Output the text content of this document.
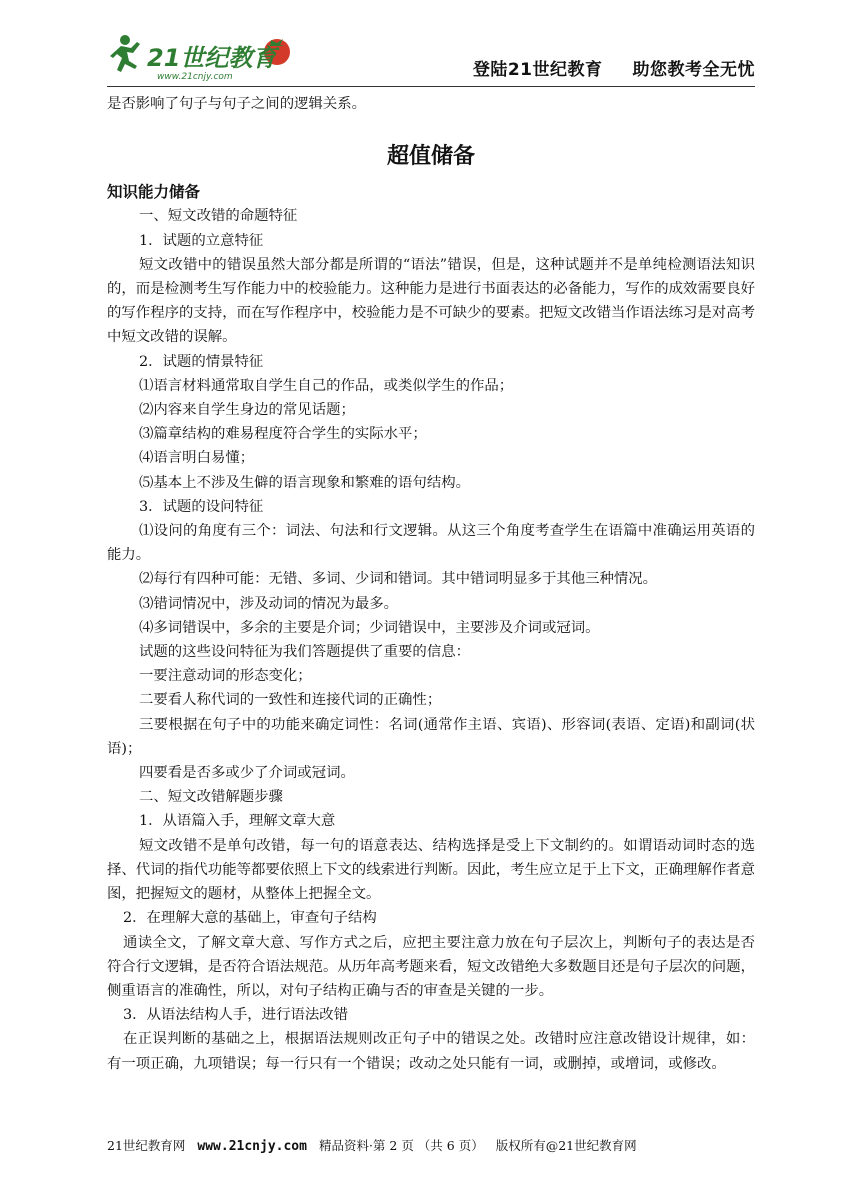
21世纪教育
www.21cnjy.com	登陆21世纪教育 助您教考全无忧

是否影响了句子与句子之间的逻辑关系。

超值储备

知识能力储备

一、短文改错的命题特征

1．试题的立意特征

短文改错中的错误虽然大部分都是所谓的“语法”错误，但是，这种试题并不是单纯检测语法知识的，而是检测考生写作能力中的校验能力。这种能力是进行书面表达的必备能力，写作的成效需要良好的写作程序的支持，而在写作程序中，校验能力是不可缺少的要素。把短文改错当作语法练习是对高考中短文改错的误解。

2．试题的情景特征

⑴语言材料通常取自学生自己的作品，或类似学生的作品；

⑵内容来自学生身边的常见话题；

⑶篇章结构的难易程度符合学生的实际水平；

⑷语言明白易懂；

⑸基本上不涉及生僻的语言现象和繁难的语句结构。

3．试题的设问特征

⑴设问的角度有三个：词法、句法和行文逻辑。从这三个角度考查学生在语篇中准确运用英语的能力。

⑵每行有四种可能：无错、多词、少词和错词。其中错词明显多于其他三种情况。

⑶错词情况中，涉及动词的情况为最多。

⑷多词错误中，多余的主要是介词；少词错误中，主要涉及介词或冠词。

试题的这些设问特征为我们答题提供了重要的信息：

一要注意动词的形态变化；

二要看人称代词的一致性和连接代词的正确性；

三要根据在句子中的功能来确定词性：名词(通常作主语、宾语)、形容词(表语、定语)和副词(状语)；

四要看是否多或少了介词或冠词。

二、短文改错解题步骤

1．从语篇入手，理解文章大意

短文改错不是单句改错，每一句的语意表达、结构选择是受上下文制约的。如谓语动词时态的选择、代词的指代功能等都要依照上下文的线索进行判断。因此，考生应立足于上下文，正确理解作者意图，把握短文的题材，从整体上把握全文。

2．在理解大意的基础上，审查句子结构

通读全文，了解文章大意、写作方式之后，应把主要注意力放在句子层次上，判断句子的表达是否符合行文逻辑，是否符合语法规范。从历年高考题来看，短文改错绝大多数题目还是句子层次的问题，侧重语言的准确性，所以，对句子结构正确与否的审查是关键的一步。

3．从语法结构人手，进行语法改错

在正误判断的基础之上，根据语法规则改正句子中的错误之处。改错时应注意改错设计规律，如：有一项正确，九项错误；每一行只有一个错误；改动之处只能有一词，或删掉，或增词，或修改。

21世纪教育网 www.21cnjy.com 精品资料·第 2 页 （共 6 页） 版权所有@21世纪教育网
